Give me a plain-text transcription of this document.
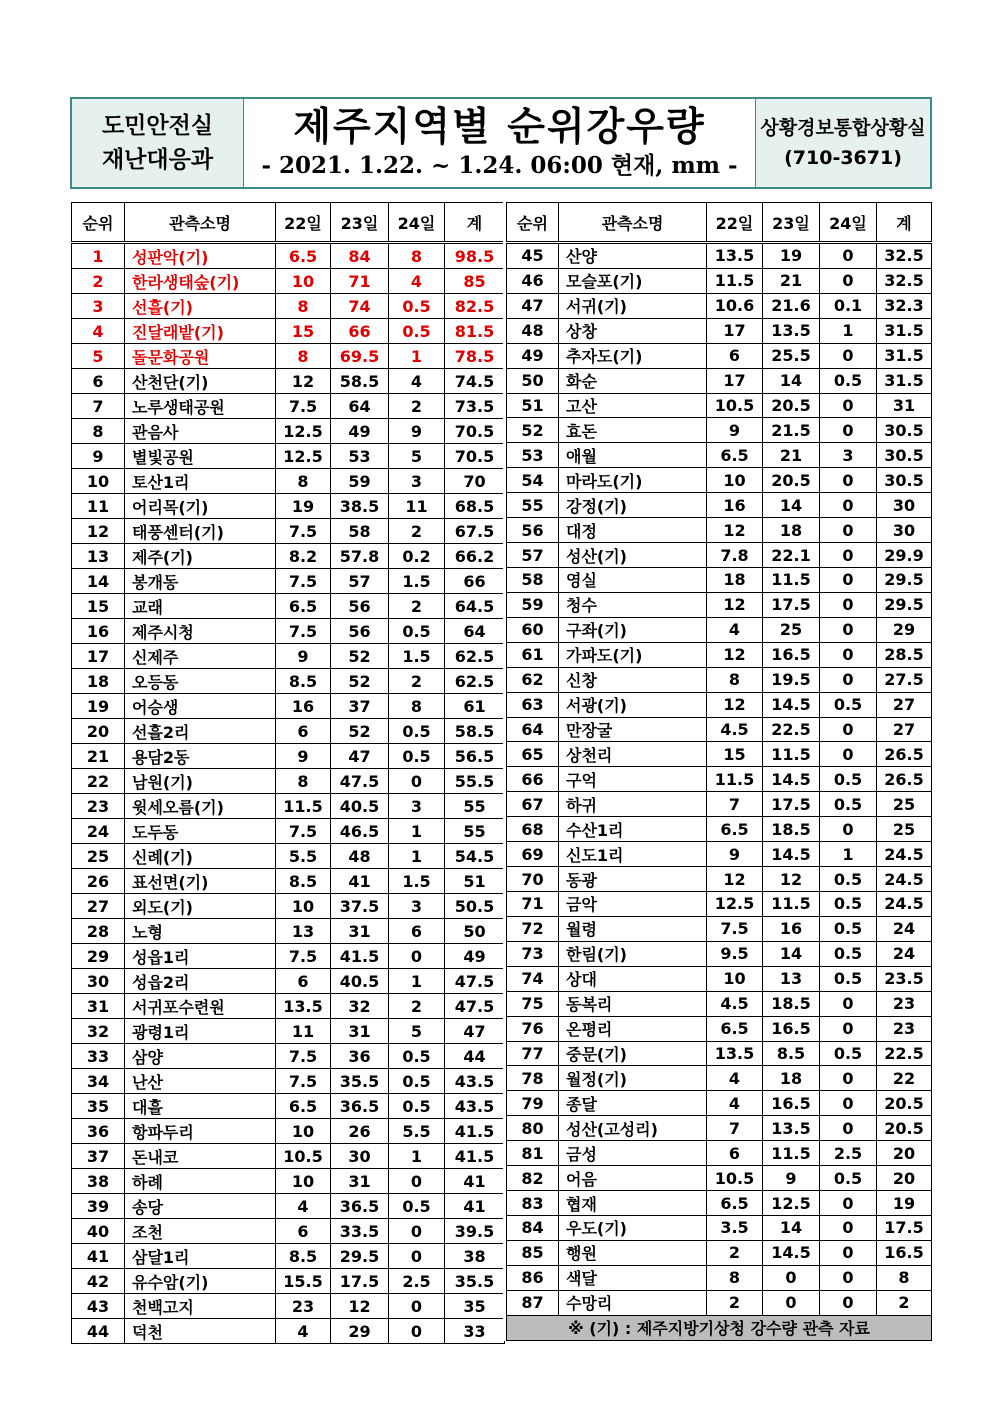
도민안전실
재난대응과
제주지역별 순위강우량
- 2021. 1.22. ~ 1.24. 06:00 현재, mm -
상황경보통합상황실
(710-3671)
순위	관측소명	22일	23일	24일	계
1	성판악(기)	6.5	84	8	98.5
2	한라생태숲(기)	10	71	4	85
3	선흘(기)	8	74	0.5	82.5
4	진달래밭(기)	15	66	0.5	81.5
5	돌문화공원	8	69.5	1	78.5
6	산천단(기)	12	58.5	4	74.5
7	노루생태공원	7.5	64	2	73.5
8	관음사	12.5	49	9	70.5
9	별빛공원	12.5	53	5	70.5
10	토산1리	8	59	3	70
11	어리목(기)	19	38.5	11	68.5
12	태풍센터(기)	7.5	58	2	67.5
13	제주(기)	8.2	57.8	0.2	66.2
14	봉개동	7.5	57	1.5	66
15	교래	6.5	56	2	64.5
16	제주시청	7.5	56	0.5	64
17	신제주	9	52	1.5	62.5
18	오등동	8.5	52	2	62.5
19	어승생	16	37	8	61
20	선흘2리	6	52	0.5	58.5
21	용담2동	9	47	0.5	56.5
22	남원(기)	8	47.5	0	55.5
23	윗세오름(기)	11.5	40.5	3	55
24	도두동	7.5	46.5	1	55
25	신례(기)	5.5	48	1	54.5
26	표선면(기)	8.5	41	1.5	51
27	외도(기)	10	37.5	3	50.5
28	노형	13	31	6	50
29	성읍1리	7.5	41.5	0	49
30	성읍2리	6	40.5	1	47.5
31	서귀포수련원	13.5	32	2	47.5
32	광령1리	11	31	5	47
33	삼양	7.5	36	0.5	44
34	난산	7.5	35.5	0.5	43.5
35	대흘	6.5	36.5	0.5	43.5
36	항파두리	10	26	5.5	41.5
37	돈내코	10.5	30	1	41.5
38	하례	10	31	0	41
39	송당	4	36.5	0.5	41
40	조천	6	33.5	0	39.5
41	삼달1리	8.5	29.5	0	38
42	유수암(기)	15.5	17.5	2.5	35.5
43	천백고지	23	12	0	35
44	덕천	4	29	0	33
순위	관측소명	22일	23일	24일	계
45	산양	13.5	19	0	32.5
46	모슬포(기)	11.5	21	0	32.5
47	서귀(기)	10.6	21.6	0.1	32.3
48	상창	17	13.5	1	31.5
49	추자도(기)	6	25.5	0	31.5
50	화순	17	14	0.5	31.5
51	고산	10.5	20.5	0	31
52	효돈	9	21.5	0	30.5
53	애월	6.5	21	3	30.5
54	마라도(기)	10	20.5	0	30.5
55	강정(기)	16	14	0	30
56	대정	12	18	0	30
57	성산(기)	7.8	22.1	0	29.9
58	영실	18	11.5	0	29.5
59	청수	12	17.5	0	29.5
60	구좌(기)	4	25	0	29
61	가파도(기)	12	16.5	0	28.5
62	신창	8	19.5	0	27.5
63	서광(기)	12	14.5	0.5	27
64	만장굴	4.5	22.5	0	27
65	상천리	15	11.5	0	26.5
66	구억	11.5	14.5	0.5	26.5
67	하귀	7	17.5	0.5	25
68	수산1리	6.5	18.5	0	25
69	신도1리	9	14.5	1	24.5
70	동광	12	12	0.5	24.5
71	금악	12.5	11.5	0.5	24.5
72	월령	7.5	16	0.5	24
73	한림(기)	9.5	14	0.5	24
74	상대	10	13	0.5	23.5
75	동복리	4.5	18.5	0	23
76	온평리	6.5	16.5	0	23
77	중문(기)	13.5	8.5	0.5	22.5
78	월정(기)	4	18	0	22
79	종달	4	16.5	0	20.5
80	성산(고성리)	7	13.5	0	20.5
81	금성	6	11.5	2.5	20
82	어음	10.5	9	0.5	20
83	협재	6.5	12.5	0	19
84	우도(기)	3.5	14	0	17.5
85	행원	2	14.5	0	16.5
86	색달	8	0	0	8
87	수망리	2	0	0	2
※ (기) : 제주지방기상청 강수량 관측 자료					
